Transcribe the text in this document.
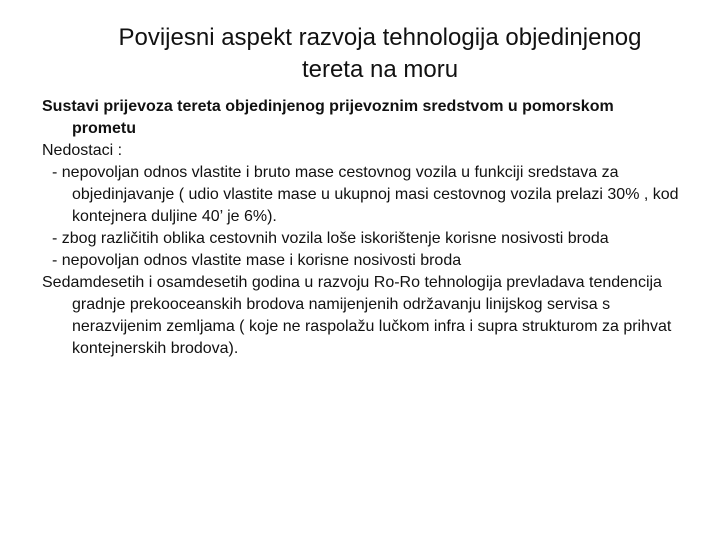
Povijesni aspekt razvoja tehnologija objedinjenog
tereta na moru

Sustavi prijevoza tereta objedinjenog prijevoznim sredstvom u pomorskom prometu

Nedostaci :

- nepovoljan odnos vlastite i bruto mase cestovnog vozila u funkciji sredstava za objedinjavanje ( udio vlastite mase u ukupnoj masi cestovnog vozila prelazi 30% , kod kontejnera duljine 40’ je 6%).

- zbog različitih oblika cestovnih vozila loše iskorištenje korisne nosivosti broda

- nepovoljan odnos vlastite mase i korisne nosivosti broda

Sedamdesetih i osamdesetih godina u razvoju Ro-Ro tehnologija prevladava tendencija gradnje prekooceanskih brodova namijenjenih održavanju linijskog servisa s nerazvijenim zemljama ( koje ne raspolažu lučkom infra i supra strukturom za prihvat kontejnerskih brodova).
